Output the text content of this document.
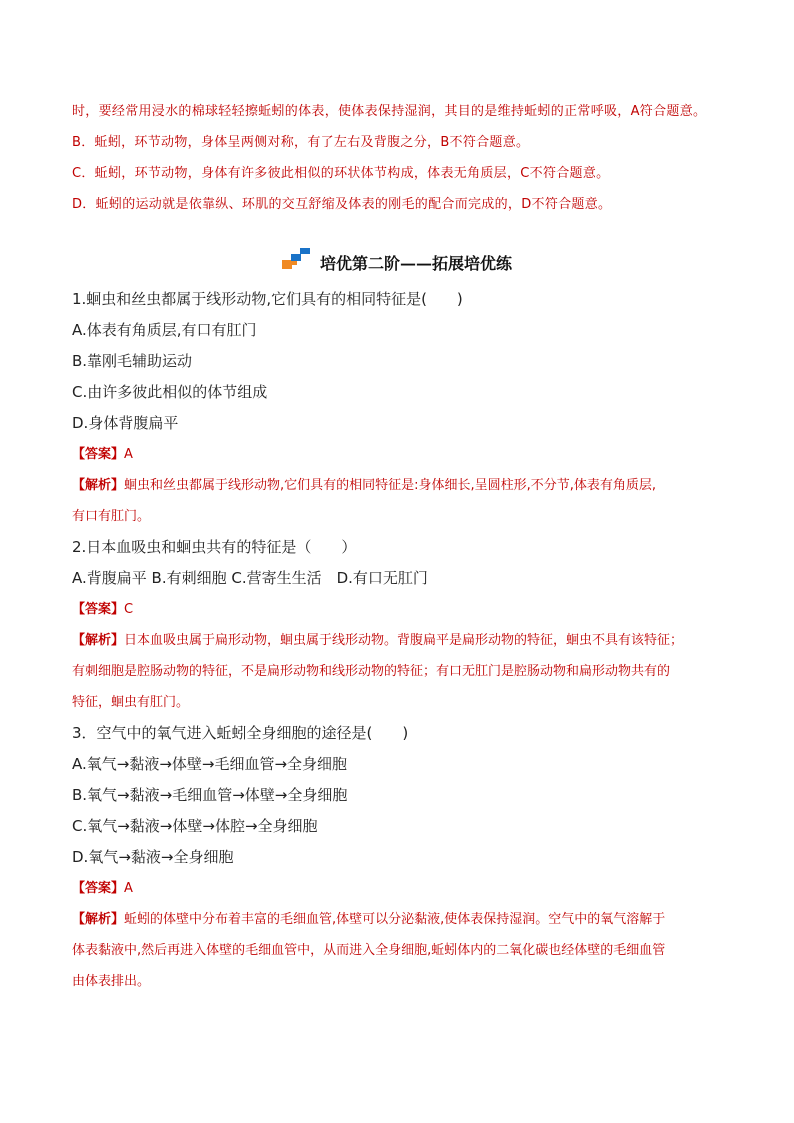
时，要经常用浸水的棉球轻轻擦蚯蚓的体表，使体表保持湿润，其目的是维持蚯蚓的正常呼吸，A符合题意。

B．蚯蚓，环节动物，身体呈两侧对称，有了左右及背腹之分，B不符合题意。

C．蚯蚓，环节动物，身体有许多彼此相似的环状体节构成，体表无角质层，C不符合题意。

D．蚯蚓的运动就是依靠纵、环肌的交互舒缩及体表的刚毛的配合而完成的，D不符合题意。

培优第二阶——拓展培优练

1.蛔虫和丝虫都属于线形动物,它们具有的相同特征是(　　)

A.体表有角质层,有口有肛门

B.靠刚毛辅助运动

C.由许多彼此相似的体节组成

D.身体背腹扁平

【答案】A

【解析】蛔虫和丝虫都属于线形动物,它们具有的相同特征是:身体细长,呈圆柱形,不分节,体表有角质层,

有口有肛门。

2.日本血吸虫和蛔虫共有的特征是（　　）

A.背腹扁平 B.有刺细胞 C.营寄生生活　D.有口无肛门

【答案】C

【解析】日本血吸虫属于扁形动物，蛔虫属于线形动物。背腹扁平是扁形动物的特征，蛔虫不具有该特征；

有刺细胞是腔肠动物的特征，不是扁形动物和线形动物的特征；有口无肛门是腔肠动物和扁形动物共有的

特征，蛔虫有肛门。

3．空气中的氧气进入蚯蚓全身细胞的途径是(　　)

A.氧气→黏液→体壁→毛细血管→全身细胞

B.氧气→黏液→毛细血管→体壁→全身细胞

C.氧气→黏液→体壁→体腔→全身细胞

D.氧气→黏液→全身细胞

【答案】A

【解析】蚯蚓的体壁中分布着丰富的毛细血管,体壁可以分泌黏液,使体表保持湿润。空气中的氧气溶解于

体表黏液中,然后再进入体壁的毛细血管中，从而进入全身细胞,蚯蚓体内的二氧化碳也经体壁的毛细血管

由体表排出。
